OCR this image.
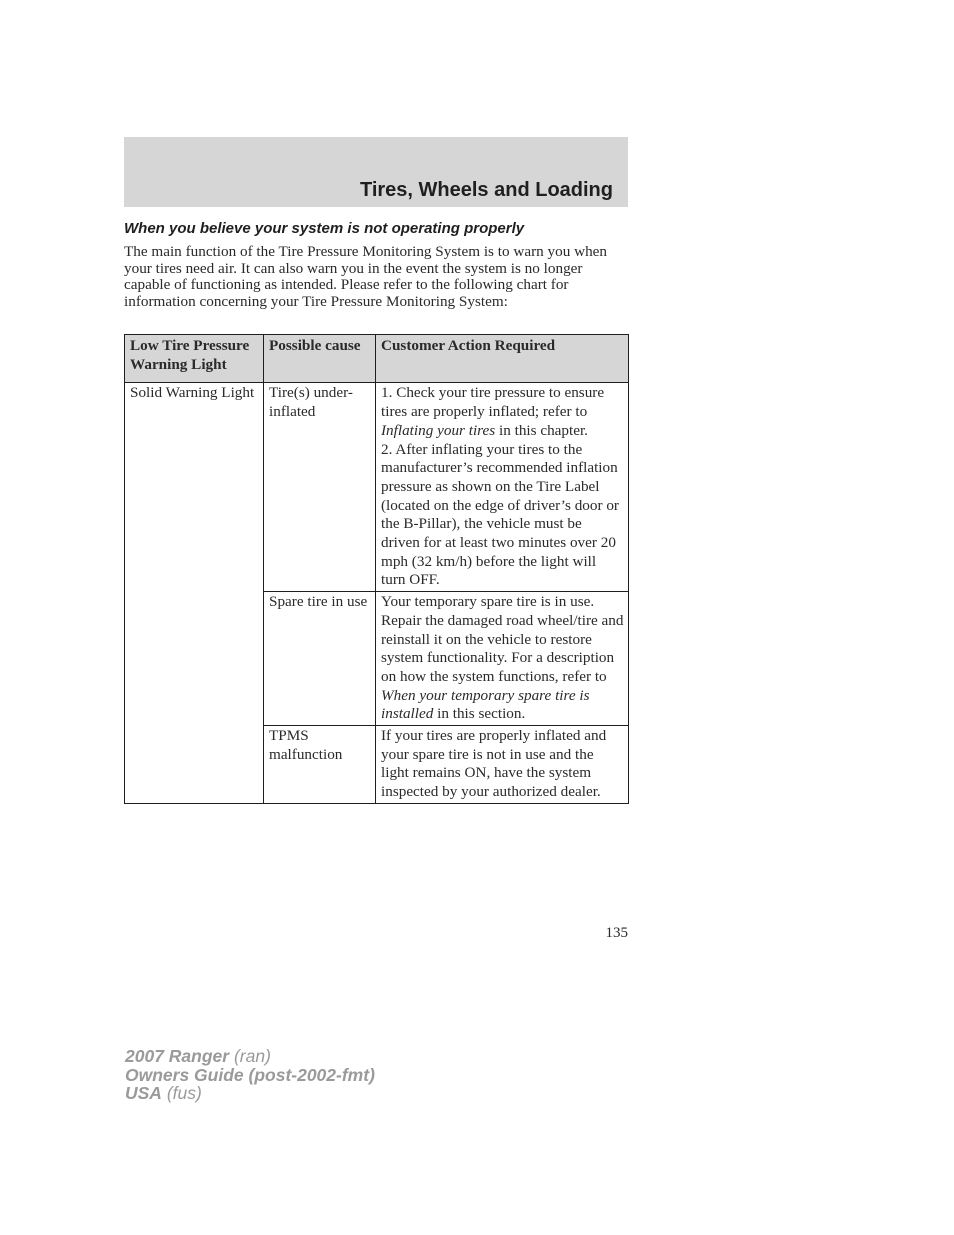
Tires, Wheels and Loading
When you believe your system is not operating properly

The main function of the Tire Pressure Monitoring System is to warn you when your tires need air. It can also warn you in the event the system is no longer capable of functioning as intended. Please refer to the following chart for information concerning your Tire Pressure Monitoring System:

Low Tire Pressure Warning Light	Possible cause	Customer Action Required
Solid Warning Light	Tire(s) under-inflated	1. Check your tire pressure to ensure tires are properly inflated; refer to Inflating your tires in this chapter.
2. After inflating your tires to the manufacturer’s recommended inflation pressure as shown on the Tire Label (located on the edge of driver’s door or the B-Pillar), the vehicle must be driven for at least two minutes over 20 mph (32 km/h) before the light will turn OFF.
	Spare tire in use	Your temporary spare tire is in use. Repair the damaged road wheel/tire and reinstall it on the vehicle to restore system functionality. For a description on how the system functions, refer to When your temporary spare tire is installed in this section.
	TPMS malfunction	If your tires are properly inflated and your spare tire is not in use and the light remains ON, have the system inspected by your authorized dealer.

135

2007 Ranger (ran)
Owners Guide (post-2002-fmt)
USA (fus)
